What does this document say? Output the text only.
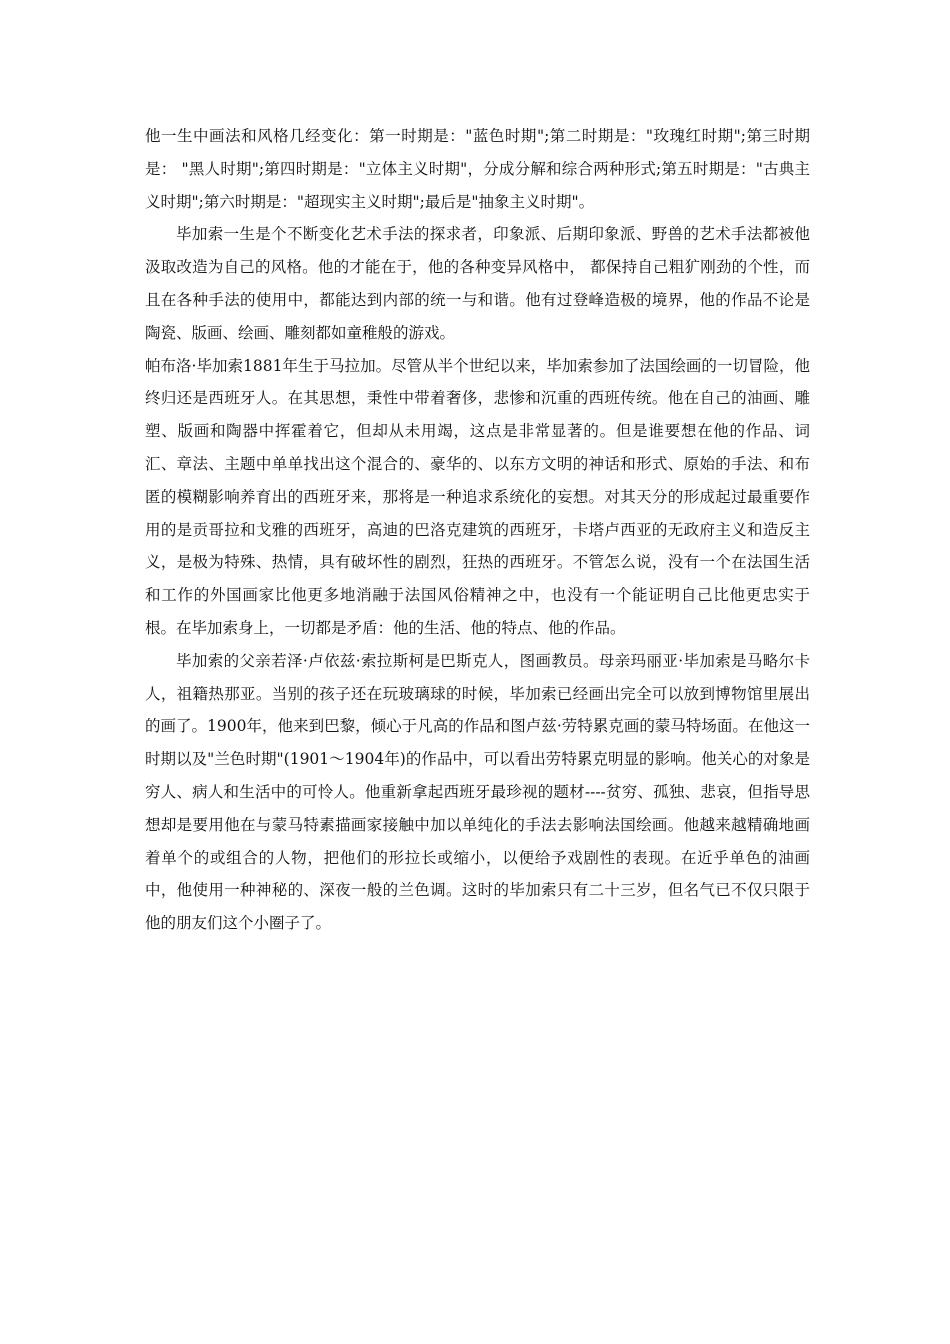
他一生中画法和风格几经变化：第一时期是："蓝色时期";第二时期是："玫瑰红时期";第三时期是： "黑人时期";第四时期是："立体主义时期"，分成分解和综合两种形式;第五时期是："古典主义时期";第六时期是："超现实主义时期";最后是"抽象主义时期"。

毕加索一生是个不断变化艺术手法的探求者，印象派、后期印象派、野兽的艺术手法都被他汲取改造为自己的风格。他的才能在于，他的各种变异风格中， 都保持自己粗犷刚劲的个性，而且在各种手法的使用中，都能达到内部的统一与和谐。他有过登峰造极的境界，他的作品不论是陶瓷、版画、绘画、雕刻都如童稚般的游戏。

帕布洛·毕加索1881年生于马拉加。尽管从半个世纪以来，毕加索参加了法国绘画的一切冒险，他终归还是西班牙人。在其思想，秉性中带着奢侈，悲惨和沉重的西班传统。他在自己的油画、雕塑、版画和陶器中挥霍着它，但却从未用竭，这点是非常显著的。但是谁要想在他的作品、词汇、章法、主题中单单找出这个混合的、豪华的、以东方文明的神话和形式、原始的手法、和布匿的模糊影响养育出的西班牙来，那将是一种追求系统化的妄想。对其天分的形成起过最重要作用的是贡哥拉和戈雅的西班牙，高迪的巴洛克建筑的西班牙，卡塔卢西亚的无政府主义和造反主义，是极为特殊、热情，具有破坏性的剧烈，狂热的西班牙。不管怎么说，没有一个在法国生活和工作的外国画家比他更多地消融于法国风俗精神之中，也没有一个能证明自己比他更忠实于根。在毕加索身上，一切都是矛盾：他的生活、他的特点、他的作品。

毕加索的父亲若泽·卢依兹·索拉斯柯是巴斯克人，图画教员。母亲玛丽亚·毕加索是马略尔卡人，祖籍热那亚。当别的孩子还在玩玻璃球的时候，毕加索已经画出完全可以放到博物馆里展出的画了。1900年，他来到巴黎，倾心于凡高的作品和图卢兹·劳特累克画的蒙马特场面。在他这一时期以及"兰色时期"(1901～1904年)的作品中，可以看出劳特累克明显的影响。他关心的对象是穷人、病人和生活中的可怜人。他重新拿起西班牙最珍视的题材----贫穷、孤独、悲哀，但指导思想却是要用他在与蒙马特素描画家接触中加以单纯化的手法去影响法国绘画。他越来越精确地画着单个的或组合的人物，把他们的形拉长或缩小，以便给予戏剧性的表现。在近乎单色的油画中，他使用一种神秘的、深夜一般的兰色调。这时的毕加索只有二十三岁，但名气已不仅只限于他的朋友们这个小圈子了。
